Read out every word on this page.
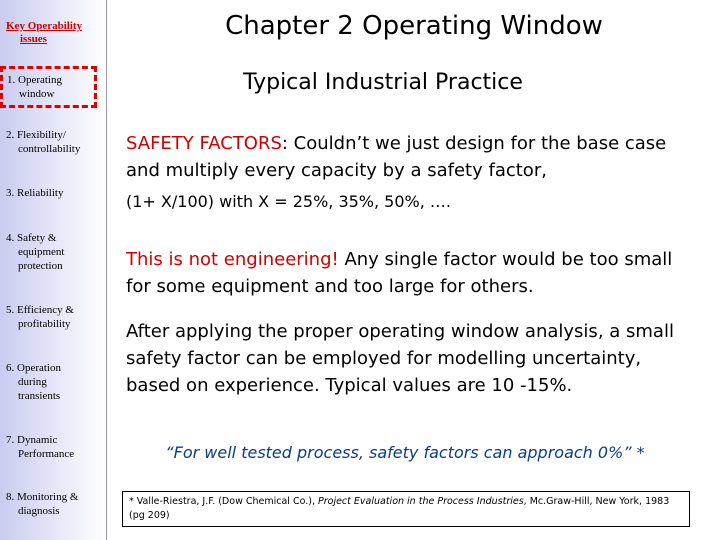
Key Operability
issues
1. Operating
window
2. Flexibility/
controllability
3. Reliability
4. Safety &
equipment
protection
5. Efficiency &
profitability
6. Operation
during
transients
7. Dynamic
Performance
8. Monitoring &
diagnosis
Chapter 2 Operating Window
Typical Industrial Practice
SAFETY FACTORS: Couldn’t we just design for the base case and multiply every capacity by a safety factor,
(1+ X/100) with X = 25%, 35%, 50%, ….
This is not engineering! Any single factor would be too small for some equipment and too large for others.
After applying the proper operating window analysis, a small safety factor can be employed for modelling uncertainty, based on experience. Typical values are 10 -15%.
“For well tested process, safety factors can approach 0%” *
* Valle-Riestra, J.F. (Dow Chemical Co.), Project Evaluation in the Process Industries, Mc.Graw-Hill, New York, 1983 (pg 209)
